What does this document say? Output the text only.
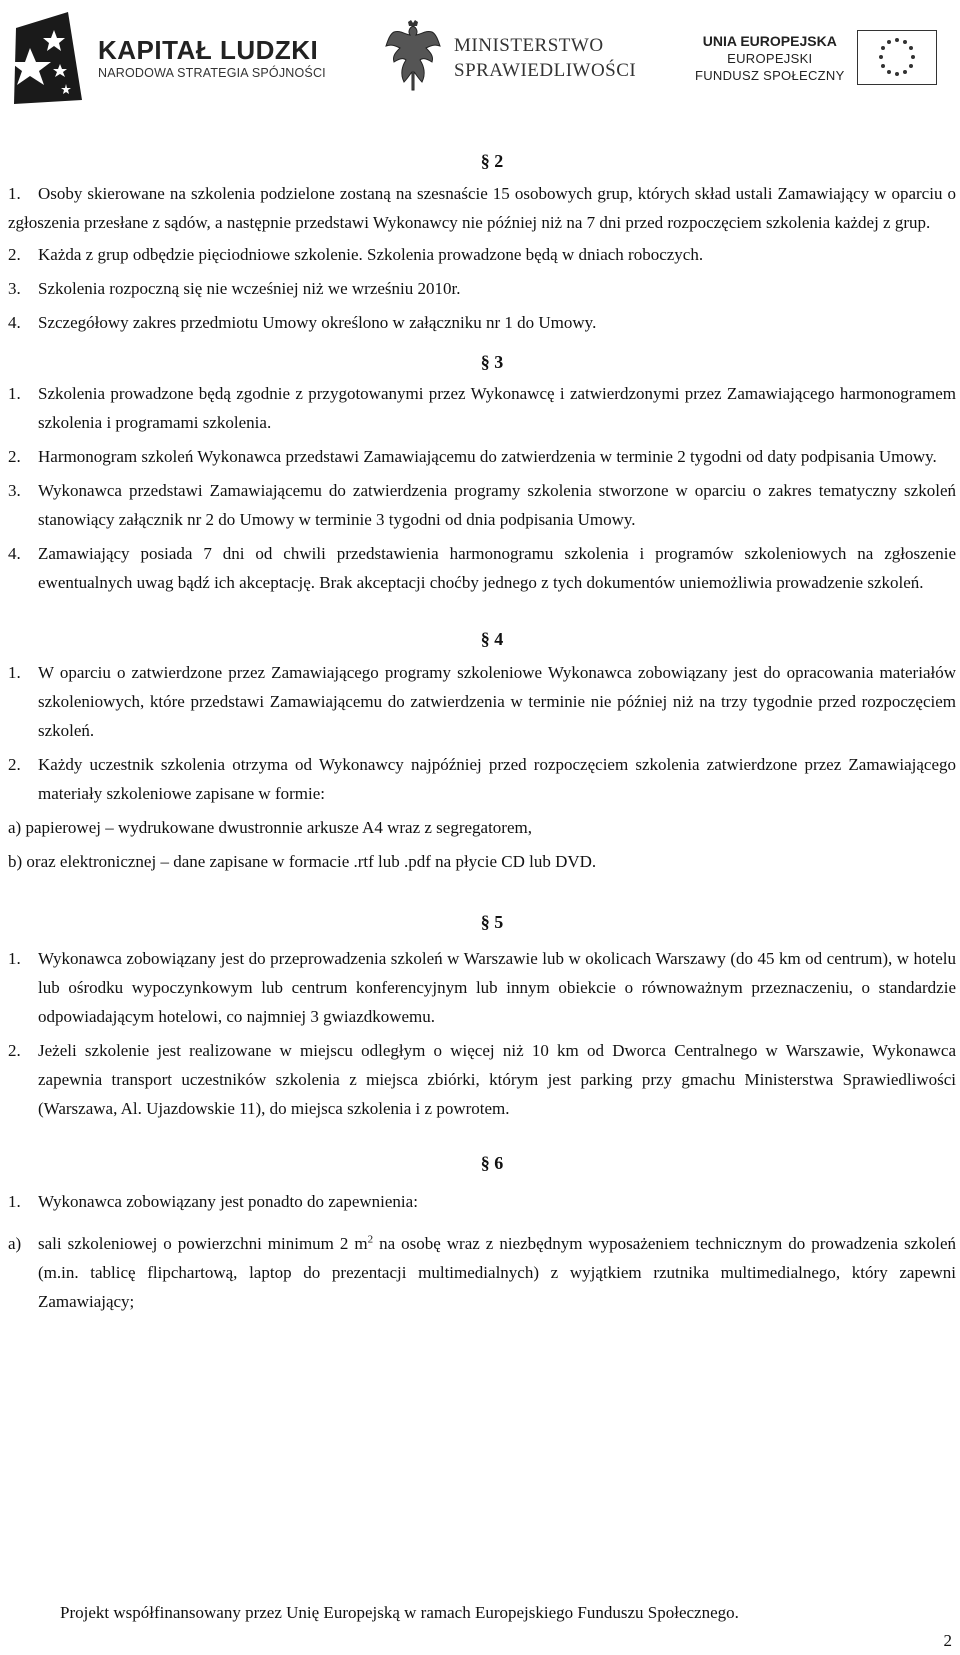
KAPITAŁ LUDZKI
NARODOWA STRATEGIA SPÓJNOŚCI
MINISTERSTWO
SPRAWIEDLIWOŚCI
UNIA EUROPEJSKA
EUROPEJSKI
FUNDUSZ SPOŁECZNY
§ 2
1.	Osoby skierowane na szkolenia podzielone zostaną na szesnaście 15 osobowych grup, których skład ustali Zamawiający w oparciu o zgłoszenia przesłane z sądów, a następnie przedstawi Wykonawcy nie później niż na 7 dni przed rozpoczęciem szkolenia każdej z grup.

2.	Każda z grup odbędzie pięciodniowe szkolenie. Szkolenia prowadzone będą w dniach roboczych.
3.	Szkolenia rozpoczną się nie wcześniej niż we wrześniu 2010r.
4.	Szczegółowy zakres przedmiotu Umowy określono w załączniku nr 1 do Umowy.
§ 3
1.	Szkolenia prowadzone będą zgodnie z przygotowanymi przez Wykonawcę i zatwierdzonymi przez Zamawiającego harmonogramem szkolenia i programami szkolenia.
2.	Harmonogram szkoleń Wykonawca przedstawi Zamawiającemu do zatwierdzenia w terminie 2 tygodni od daty podpisania Umowy.
3.	Wykonawca przedstawi Zamawiającemu do zatwierdzenia programy szkolenia stworzone w oparciu o zakres tematyczny szkoleń stanowiący załącznik nr 2 do Umowy w terminie 3 tygodni od dnia podpisania Umowy.
4.	Zamawiający posiada 7 dni od chwili przedstawienia harmonogramu szkolenia i programów szkoleniowych na zgłoszenie ewentualnych uwag bądź ich akceptację. Brak akceptacji choćby jednego z tych dokumentów uniemożliwia prowadzenie szkoleń.
§ 4
1.	W oparciu o zatwierdzone przez Zamawiającego programy szkoleniowe Wykonawca zobowiązany jest do opracowania materiałów szkoleniowych, które przedstawi Zamawiającemu do zatwierdzenia w terminie nie później niż na trzy tygodnie przed rozpoczęciem szkoleń.
2.	Każdy uczestnik szkolenia otrzyma od Wykonawcy najpóźniej przed rozpoczęciem szkolenia zatwierdzone przez Zamawiającego materiały szkoleniowe zapisane w formie:

a) papierowej – wydrukowane dwustronnie arkusze A4 wraz z segregatorem,

b) oraz elektronicznej – dane zapisane w formacie .rtf lub .pdf na płycie CD lub DVD.

§ 5
1.	Wykonawca zobowiązany jest do przeprowadzenia szkoleń w Warszawie lub w okolicach Warszawy (do 45 km od centrum), w hotelu lub ośrodku wypoczynkowym lub centrum konferencyjnym lub innym obiekcie o równoważnym przeznaczeniu, o standardzie odpowiadającym hotelowi, co najmniej 3 gwiazdkowemu.
2.	Jeżeli szkolenie jest realizowane w miejscu odległym o więcej niż 10 km od Dworca Centralnego w Warszawie, Wykonawca zapewnia transport uczestników szkolenia z miejsca zbiórki, którym jest parking przy gmachu Ministerstwa Sprawiedliwości (Warszawa, Al. Ujazdowskie 11), do miejsca szkolenia i z powrotem.
§ 6
1.	Wykonawca zobowiązany jest ponadto do zapewnienia:
a) sali szkoleniowej o powierzchni minimum 2 $m^2$ na osobę wraz z niezbędnym wyposażeniem technicznym do prowadzenia szkoleń (m.in. tablicę flipchartową, laptop do prezentacji multimedialnych) z wyjątkiem rzutnika multimedialnego, który zapewni Zamawiający;
Projekt współfinansowany przez Unię Europejską w ramach Europejskiego Funduszu Społecznego.
2
